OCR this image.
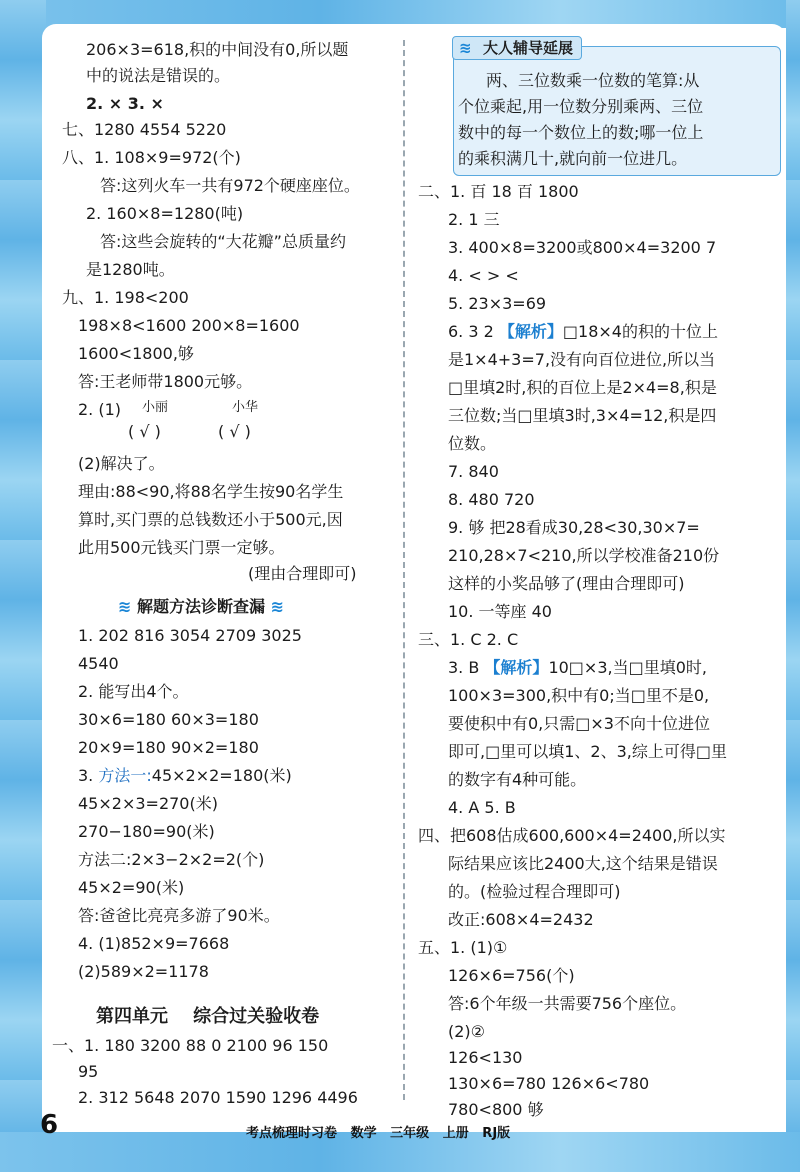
206×3=618,积的中间没有0,所以题
中的说法是错误的。
2. × 3. ×
七、1280 4554 5220
八、1. 108×9=972(个)
答:这列火车一共有972个硬座座位。
2. 160×8=1280(吨)
答:这些会旋转的“大花瓣”总质量约
是1280吨。
九、1. 198<200
198×8<1600 200×8=1600
1600<1800,够
答:王老师带1800元够。
2. (1) 小丽	小华
( √ )	( √ )
(2)解决了。
理由:88<90,将88名学生按90名学生
算时,买门票的总钱数还小于500元,因
此用500元钱买门票一定够。
(理由合理即可)
≋ 解题方法诊断查漏 ≋
1. 202 816 3054 2709 3025
4540
2. 能写出4个。
30×6=180 60×3=180
20×9=180 90×2=180
3. 方法一:45×2×2=180(米)
45×2×3=270(米)
270−180=90(米)
方法二:2×3−2×2=2(个)
45×2=90(米)
答:爸爸比亮亮多游了90米。
4. (1)852×9=7668
(2)589×2=1178
第四单元    综合过关验收卷
一、1. 180 3200 88 0 2100 96 150
95
2. 312 5648 2070 1590 1296 4496
≋ 大人辅导延展
两、三位数乘一位数的笔算:从
个位乘起,用一位数分别乘两、三位
数中的每一个数位上的数;哪一位上
的乘积满几十,就向前一位进几。
二、1. 百 18 百 1800
2. 1 三
3. 400×8=3200或800×4=3200 7
4. < > <
5. 23×3=69
6. 3 2 【解析】□18×4的积的十位上
是1×4+3=7,没有向百位进位,所以当
□里填2时,积的百位上是2×4=8,积是
三位数;当□里填3时,3×4=12,积是四
位数。
7. 840
8. 480 720
9. 够 把28看成30,28<30,30×7=
210,28×7<210,所以学校准备210份
这样的小奖品够了(理由合理即可)
10. 一等座 40
三、1. C 2. C
3. B 【解析】10□×3,当□里填0时,
100×3=300,积中有0;当□里不是0,
要使积中有0,只需□×3不向十位进位
即可,□里可以填1、2、3,综上可得□里
的数字有4种可能。
4. A 5. B
四、把608估成600,600×4=2400,所以实
际结果应该比2400大,这个结果是错误
的。(检验过程合理即可)
改正:608×4=2432
五、1. (1)①
126×6=756(个)
答:6个年级一共需要756个座位。
(2)②
126<130
130×6=780 126×6<780
780<800 够
6	考点梳理时习卷   数学   三年级   上册   RJ版
